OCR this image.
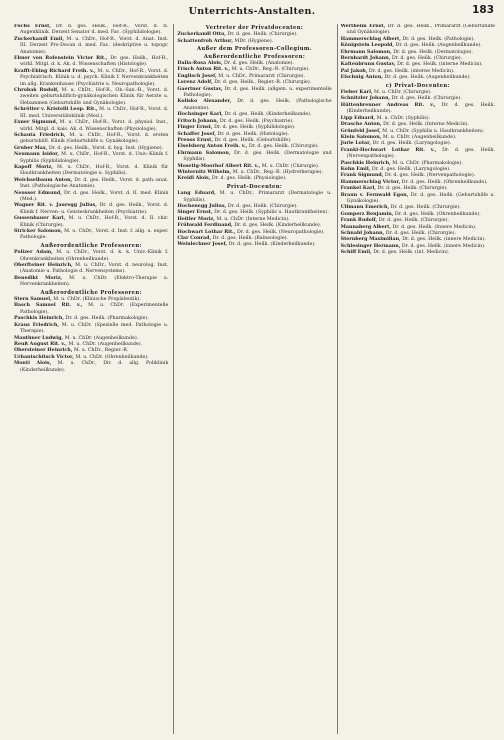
Unterrichts-Anstalten.	183

Fuchs Ernst, Dr. d. ges. Heilk., Hof-R., Vorst. d. II. Augenklinik. Derzeit Senator d. med. Fac. (Syphilidologie).

Zuckerkandl Emil, M. u. ChDr., Hof-R., Vorst. d. Anat. Inst. III. Derzeit Pro-Decan d. med. Fac. (deskriptive u. topogr. Anatomie).

Ebner von Rofenstein Victor Rit., Dr. ges. Heilk., Hof-R., wirkl. Mitgl. d. k. Ak. d. Wissenschaften (Histologie).

Krafft-Ebing Richard Freih. v., M. u. ChDr., Hof-R., Vorst. d. Psychiatrisch. Klinik u. d. psych. Klinik f. Nervenkrankheiten im allg. Krankenhause (Psychiatrie u. Neuropathologie).

Chrobak Rudolf, M. u. ChDr., Hof-R., Ob.-San.-R., Vorst. d. zweiten geburtshilflich-gynäkologischen Klinik für Aerzte u. Hebammen (Geburtshilfe und Gynäkologie).

Schrötter v. Kristelli Leop. Rit., M. u. ChDr., Hof-R., Vorst. d. III. med. Universitätsklinik (Med.).

Exner Sigmund, M. u. ChDr., Hof-R., Vorst. d. physiol. Inst., wirkl. Mitgl. d. kais. Ak. d. Wissenschaften (Physiologie).

Schauta Friedrich, M. u. ChDr., Hof-R., Vorst. d. ersten geburtshilfl. Klinik (Geburtshilfe u. Gynäkologie).

Gruber Max, Dr. d. ges. Heilk., Vorst. d. hyg. Inst. (Hygiene).

Neumann Isidor, M. u. ChDr., Hof-R., Vorst. d. Univ.-Klinik f. Syphilis (Syphilidologie).

Kapoff Moriz, M. u. ChDr., Hof-R., Vorst. d. Klinik für Hautkrankheiten (Dermatologie u. Syphilis).

Weichselbaum Anton, Dr. d. ges. Heilk., Vorst. d. path.-anat. Inst. (Pathologische Anatomie).

Neusser Edmund, Dr. d. ges. Heilk., Vorst. d. II. med. Klinik (Med.).

Wagner Rit. v. Jauregg Julius, Dr. d. ges. Heilk., Vorst. d. Klinik f. Nerven- u. Geisteskrankheiten (Psychiatrie).

Gussenbauer Karl, M. u. ChDr., Hof-R., Vorst. d. II. chir. Klinik (Chirurgie).

Stricker Salomon, M. u. ChDr., Vorst. d. Inst. f. allg. u. exper. Pathologie.

Außerordentliche Professoren:

Polizer Adam, M. u. ChDr., Vorst. d. k. k. Univ.-Klinik f. Ohrenkrankheiten (Ohrenheilkunde).

Oberfteiner Heinrich, M. u. ChDr., Vorst. d. neurolog. Inst. (Anatomie u. Pathologie d. Nervensystems).

Benedikt Moriz, M. u. ChDr. (Elektro-Therapie u. Nervenkrankheiten).

Außerordentliche Professoren:

Stern Samuel, M. u. ChDr. (Klinische Propädeutik).

Basch Samuel Rit. v., M. u. ChDr. (Experimentelle Pathologie).

Paschkis Heinrich, Dr. d. ges. Heilk. (Pharmakologie).

Kraus Friedrich, M. u. ChDr. (Spezielle med. Pathologie u. Therapie).

Mauthner Ludwig, M. u. ChDr. (Augenheilkunde).

Reuß August Rit. v., M. u. ChDr. (Augenheilkunde).

Obersteiner Heinrich, M. u. ChDr., Regier.-R.

Urbantschitsch Victor, M. u. ChDr. (Ohrenheilkunde).

Monti Alois, M. u. ChDr., Dir. d. allg. Poliklinik (Kinderheilkunde).

Vertreter der Privatdocenten:

Zuckerkandl Otto, Dr. d. ges. Heilk. (Chirurgie).

Schattenfroh Arthur, MDr. (Hygiene).

Außer dem Professoren-Collegium.
Außerordentliche Professoren:

Dalla-Rosa Alois, Dr. d. ges. Heilk. (Anatomie).

Frisch Anton Rit. v., M. u. ChDr., Reg.-R. (Chirurgie).

Englisch Josef, M. u. ChDr., Primararzt (Chirurgie).

Lorenz Adolf, Dr. d. ges. Heilk., Regier.-R. (Chirurgie).

Gaertner Gustav, Dr. d. ges. Heilk. (allgem. u. experimentelle Pathologie).

Kolisko Alexander, Dr. d. ges. Heilk. (Pathologische Anatomie).

Hochsinger Karl, Dr. d. ges. Heilk. (Kinderheilkunde).

Fritsch Johann, Dr. d. ges. Heilk. (Psychiatrie).

Finger Ernst, Dr. d. ges. Heilk. (Syphilidologie).

Schaffer Josef, Dr. d. ges. Heilk. (Histologie).

Preuss Ernst, Dr. d. ges. Heilk. (Geburtshilfe).

Eiselsberg Anton Freih. v., Dr. d. ges. Heilk. (Chirurgie).

Ehrmann Salomon, Dr. d. ges. Heilk. (Dermatologie und Syphilis).

Mosetig-Moorhof Albert Rit. v., M. u. ChDr. (Chirurgie).

Winternitz Wilhelm, M. u. ChDr., Reg.-R. (Hydrotherapie).

Kreidl Alois, Dr. d. ges. Heilk. (Physiologie).

Privat-Docenten:

Lang Eduard, M. u. ChDr., Primararzt (Dermatologie u. Syphilis).

Hochenegg Julius, Dr. d. ges. Heilk. (Chirurgie).

Singer Ernst, Dr. d. ges. Heilk. (Syphilis u. Hautkrankheiten).

Heitler Moriz, M. u. ChDr. (Interne Medicin).

Frühwald Ferdinand, Dr. d. ges. Heilk. (Kinderheilkunde).

Hochwart Lothar Rit., Dr. d. ges. Heilk. (Neuropathologie).

Clar Conrad, Dr. d. ges. Heilk. (Balneologie).

Weinlechner Josef, Dr. d. ges. Heilk. (Kinderheilkunde).

Wertheim Ernst, Dr. d. ges. Heilk., Primararzt (Geburtshilfe und Gynäkologie).

Hammerschlag Albert, Dr. d. ges. Heilk. (Pathologie).

Königstein Leopold, Dr. d. ges. Heilk. (Augenheilkunde).

Ehrmann Salomon, Dr. d. ges. Heilk. (Dermatologie).

Bernhardt Johann, Dr. d. ges. Heilk. (Chirurgie).

Kaltenbrunn Gustav, Dr. d. ges. Heilk. (interne Medicin).

Pal Jakob, Dr. d. ges. Heilk. (interne Medicin).

Elschnig Anton, Dr. d. ges. Heilk. (Augenheilkunde).

c) Privat-Docenten:

Fieber Karl, M. u. ChDr. (Chirurgie).

Schnitzler Johann, Dr. d. ges. Heilk. (Chirurgie).

Hüttenbrenner Andreas Rit. v., Dr. d. ges. Heilk. (Kinderheilkunde).

Lipp Eduard, M. u. ChDr. (Syphilis).

Drasche Anton, Dr. d. ges. Heilk. (Interne Medicin).

Grünfeld Josef, M. u. ChDr. (Syphilis u. Hautkrankheiten).

Klein Salomon, M. u. ChDr. (Augenheilkunde).

Jurie Lotar, Dr. d. ges. Heilk. (Laryngologie).

Frankl-Hochwart Lothar Rit. v., Dr. d. ges. Heilk. (Nervenpathologie).

Paschkis Heinrich, M. u. ChDr. (Pharmakologie).

Kohn Emil, Dr. d. ges. Heilk. (Laryngologie).

Frank Sigmund, Dr. d. ges. Heilk. (Nervenpathologie).

Hammerschlag Victor, Dr. d. ges. Heilk. (Ohrenheilkunde).

Frankel Karl, Dr. d. ges. Heilk. (Chirurgie).

Braun v. Fernwald Egon, Dr. d. ges. Heilk. (Geburtshilfe u. Gynäkologie).

Ullmann Emerich, Dr. d. ges. Heilk. (Chirurgie).

Gomperz Benjamin, Dr. d. ges. Heilk. (Ohrenheilkunde).

Frank Rudolf, Dr. d. ges. Heilk. (Chirurgie).

Mannaberg Albert, Dr. d. ges. Heilk. (Innere Medicin).

Schnabl Johann, Dr. d. ges. Heilk. (Chirurgie).

Sternberg Maximilian, Dr. d. ges. Heilk. (innere Medicin).

Schlesinger Hermann, Dr. d. ges. Heilk. (innere Medicin).

Schiff Emil, Dr. d. ges. Heilk. (int. Medicin).
